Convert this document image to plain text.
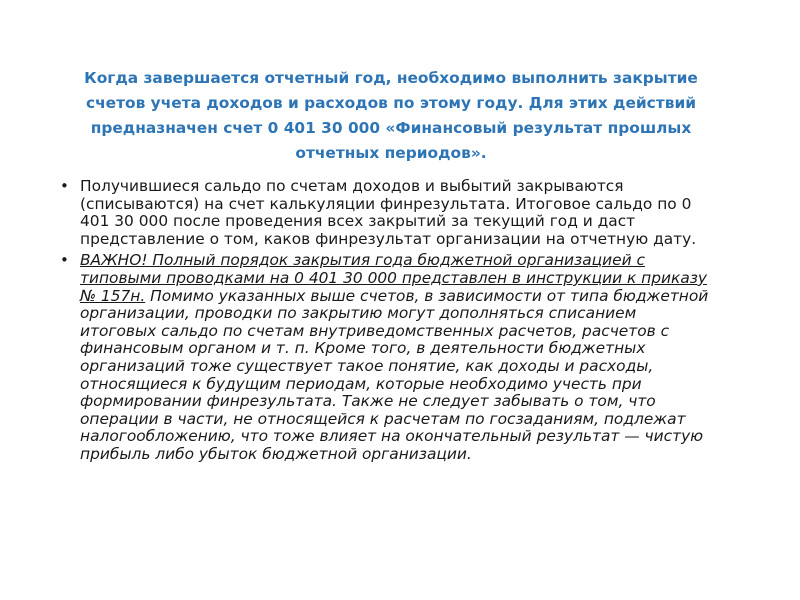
Когда завершается отчетный год, необходимо выполнить закрытие счетов учета доходов и расходов по этому году. Для этих действий предназначен счет 0 401 30 000 «Финансовый результат прошлых отчетных периодов».
• Получившиеся сальдо по счетам доходов и выбытий закрываются (списываются) на счет калькуляции финрезультата. Итоговое сальдо по 0 401 30 000 после проведения всех закрытий за текущий год и даст представление о том, каков финрезультат организации на отчетную дату.
• ВАЖНО! Полный порядок закрытия года бюджетной организацией с типовыми проводками на 0 401 30 000 представлен в инструкции к приказу № 157н. Помимо указанных выше счетов, в зависимости от типа бюджетной организации, проводки по закрытию могут дополняться списанием итоговых сальдо по счетам внутриведомственных расчетов, расчетов с финансовым органом и т. п. Кроме того, в деятельности бюджетных организаций тоже существует такое понятие, как доходы и расходы, относящиеся к будущим периодам, которые необходимо учесть при формировании финрезультата. Также не следует забывать о том, что операции в части, не относящейся к расчетам по госзаданиям, подлежат налогообложению, что тоже влияет на окончательный результат — чистую прибыль либо убыток бюджетной организации.
